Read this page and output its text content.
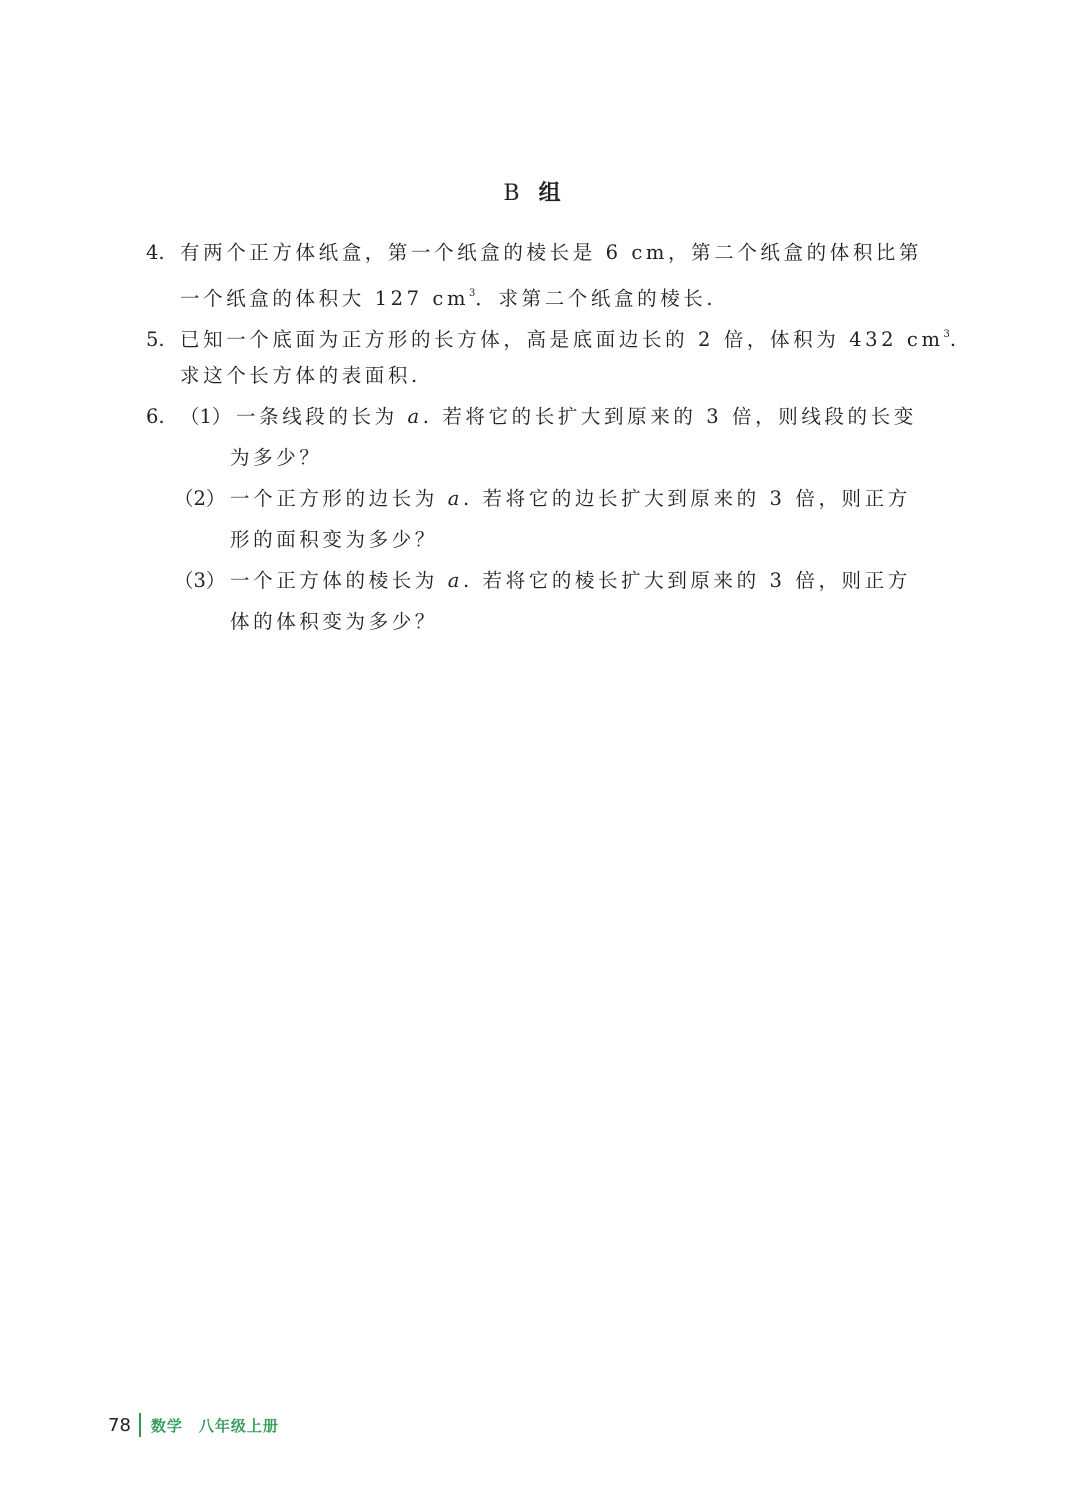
B 组
4. 有两个正方体纸盒，第一个纸盒的棱长是 6 cm，第二个纸盒的体积比第
一个纸盒的体积大 127 $cm^3$．求第二个纸盒的棱长.
5. 已知一个底面为正方形的长方体，高是底面边长的 2 倍，体积为 432 $cm^3$.
求这个长方体的表面积.
6. （1） 一条线段的长为 a. 若将它的长扩大到原来的 3 倍，则线段的长变
为多少？
（2） 一个正方形的边长为 a. 若将它的边长扩大到原来的 3 倍，则正方
形的面积变为多少？
（3） 一个正方体的棱长为 a. 若将它的棱长扩大到原来的 3 倍，则正方
体的体积变为多少？
78 数学　八年级上册
